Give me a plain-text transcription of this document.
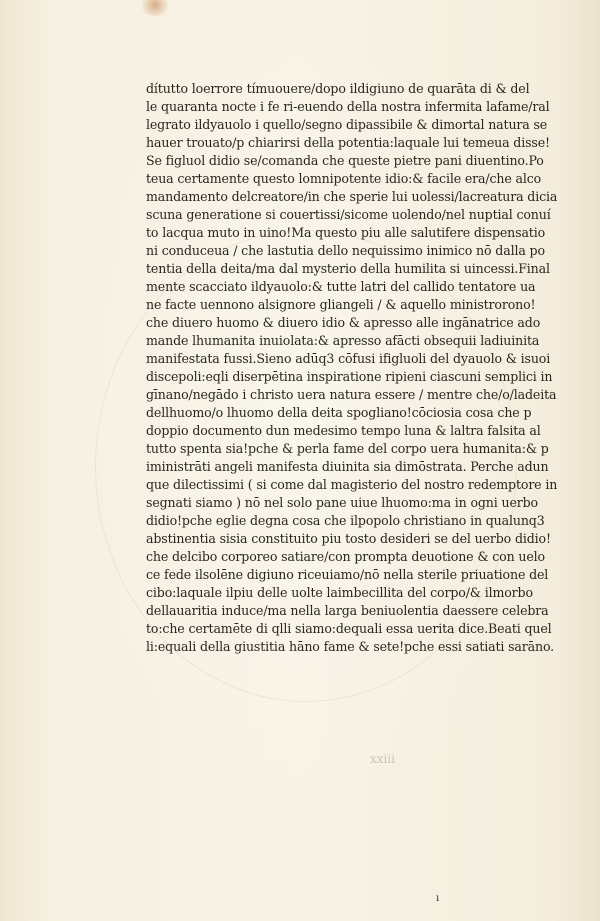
dítutto loerrore tímuouere/dopo ildigiuno de quarāta di & del
le quaranta nocte i fe ri-euendo della nostra infermita lafame/ral
legrato ildyauolo i quello/segno dipassibile & dimortal natura se
hauer trouato/p chiarirsi della potentia:laquale lui temeua disse!
Se figluol didio se/comanda che queste pietre pani diuentino.Po
teua certamente questo lomnipotente idio:& facile era/che alco
mandamento delcreatore/in che sperie lui uolessi/lacreatura dicia
scuna generatione si couertissi/sicome uolendo/nel nuptial conuí
to lacqua muto in uino!Ma questo piu alle salutifere dispensatio
ni conduceua / che lastutia dello nequissimo inimico nō dalla po
tentia della deita/ma dal mysterio della humilita si uincessi.Final
mente scacciato ildyauolo:& tutte latri del callido tentatore ua
ne facte uennono alsignore gliangeli / & aquello ministrorono!
che diuero huomo & diuero idio & apresso alle ingānatrice ado
mande lhumanita inuiolata:& apresso afācti obsequii ladiuinita
manifestata fussi.Sieno adūq3 cōfusi ifigluoli del dyauolo & isuoi
discepoli:eqli diserpētina inspiratione ripieni ciascuni semplici in
gīnano/negādo i christo uera natura essere / mentre che/o/ladeita
dellhuomo/o lhuomo della deita spogliano!cōciosia cosa che p
doppio documento dun medesimo tempo luna & laltra falsita al
tutto spenta sia!pche & perla fame del corpo uera humanita:& p
iministrāti angeli manifesta diuinita sia dimōstrata. Perche adun
que dilectissimi ( si come dal magisterio del nostro redemptore in
segnati siamo ) nō nel solo pane uiue lhuomo:ma in ogni uerbo
didio!pche eglie degna cosa che ilpopolo christiano in qualunq3
abstinentia sisia constituito piu tosto desideri se del uerbo didio!
che delcibo corporeo satiare/con prompta deuotione & con uelo
ce fede ilsolēne digiuno riceuiamo/nō nella sterile priuatione del
cibo:laquale ilpiu delle uolte laimbecillita del corpo/& ilmorbo
dellauaritia induce/ma nella larga beniuolentia daessere celebra
to:che certamēte di qlli siamo:dequali essa uerita dice.Beati quel
li:equali della giustitia hāno fame & sete!pche essi satiati sarāno.
xxiii
ı
